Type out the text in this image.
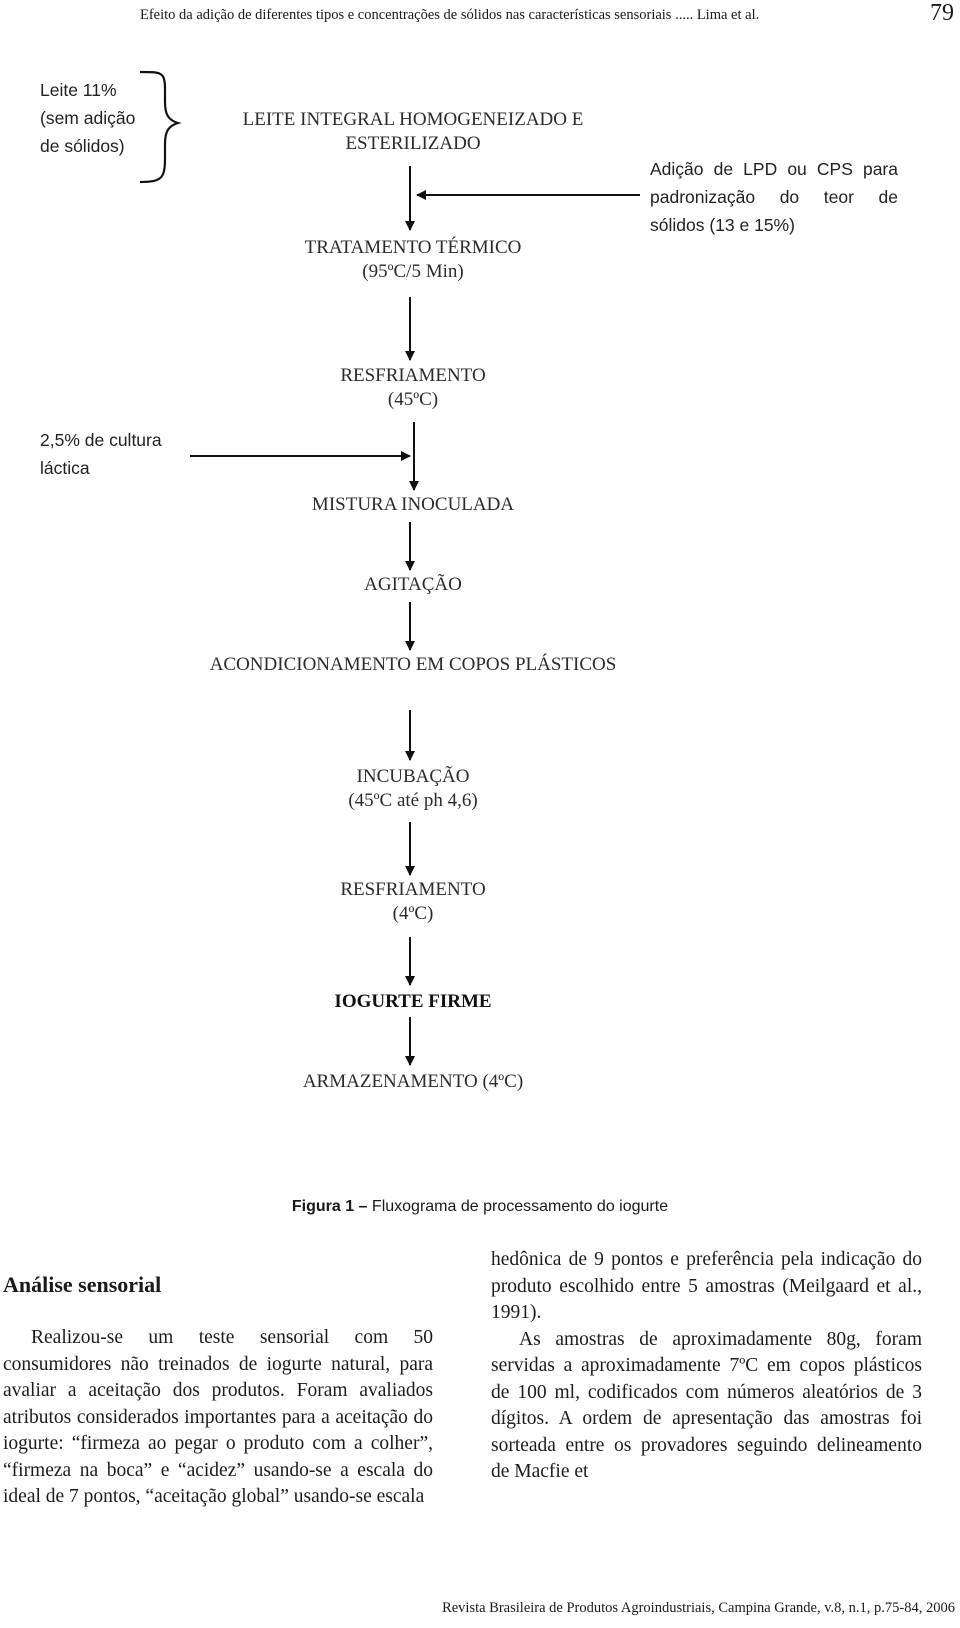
Efeito da adição de diferentes tipos e concentrações de sólidos nas características sensoriais ..... Lima et al.	79
Leite 11%
(sem adição
de sólidos)
Adição de LPD ou CPS para
padronização do teor de
sólidos (13 e 15%)
2,5% de cultura
láctica
LEITE INTEGRAL HOMOGENEIZADO E
ESTERILIZADO
TRATAMENTO TÉRMICO
(95ºC/5 Min)
RESFRIAMENTO
(45ºC)
MISTURA INOCULADA
AGITAÇÃO
ACONDICIONAMENTO EM COPOS PLÁSTICOS
INCUBAÇÃO
(45ºC até ph 4,6)
RESFRIAMENTO
(4ºC)
IOGURTE FIRME
ARMAZENAMENTO (4ºC)
Figura 1 – Fluxograma de processamento do iogurte
Análise sensorial

Realizou-se um teste sensorial com 50 consumidores não treinados de iogurte natural, para avaliar a aceitação dos produtos. Foram avaliados atributos considerados importantes para a aceitação do iogurte: “firmeza ao pegar o produto com a colher”, “firmeza na boca” e “acidez” usando-se a escala do ideal de 7 pontos, “aceitação global” usando-se escala

hedônica de 9 pontos e preferência pela indicação do produto escolhido entre 5 amostras (Meilgaard et al., 1991).

As amostras de aproximadamente 80g, foram servidas a aproximadamente 7ºC em copos plásticos de 100 ml, codificados com números aleatórios de 3 dígitos. A ordem de apresentação das amostras foi sorteada entre os provadores seguindo delineamento de Macfie et

Revista Brasileira de Produtos Agroindustriais, Campina Grande, v.8, n.1, p.75-84, 2006
